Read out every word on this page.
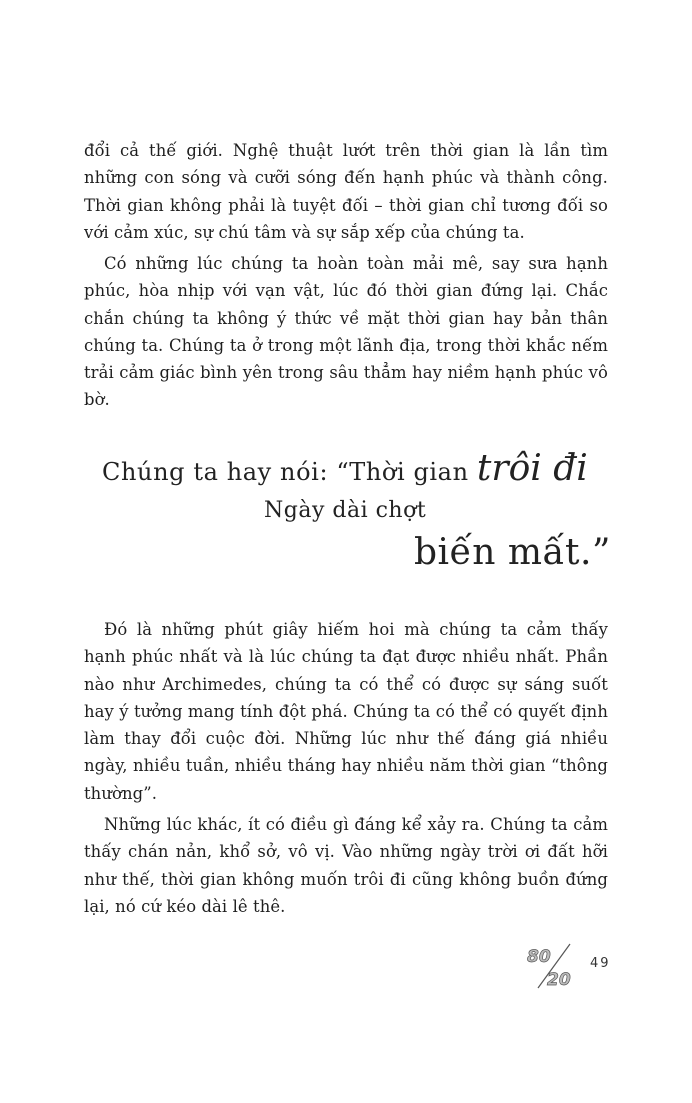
đổi cả thế giới. Nghệ thuật lướt trên thời gian là lần tìm những con sóng và cưỡi sóng đến hạnh phúc và thành công. Thời gian không phải là tuyệt đối – thời gian chỉ tương đối so với cảm xúc, sự chú tâm và sự sắp xếp của chúng ta.

Có những lúc chúng ta hoàn toàn mải mê, say sưa hạnh phúc, hòa nhịp với vạn vật, lúc đó thời gian đứng lại. Chắc chắn chúng ta không ý thức về mặt thời gian hay bản thân chúng ta. Chúng ta ở trong một lãnh địa, trong thời khắc nếm trải cảm giác bình yên trong sâu thẳm hay niềm hạnh phúc vô bờ.

Chúng ta hay nói: “Thời gian trôi đi

Ngày dài chợt

biến mất.”

Đó là những phút giây hiếm hoi mà chúng ta cảm thấy hạnh phúc nhất và là lúc chúng ta đạt được nhiều nhất. Phần nào như Archimedes, chúng ta có thể có được sự sáng suốt hay ý tưởng mang tính đột phá. Chúng ta có thể có quyết định làm thay đổi cuộc đời. Những lúc như thế đáng giá nhiều ngày, nhiều tuần, nhiều tháng hay nhiều năm thời gian “thông thường”.

Những lúc khác, ít có điều gì đáng kể xảy ra. Chúng ta cảm thấy chán nản, khổ sở, vô vị. Vào những ngày trời ơi đất hỡi như thế, thời gian không muốn trôi đi cũng không buồn đứng lại, nó cứ kéo dài lê thê.

80
20

49
